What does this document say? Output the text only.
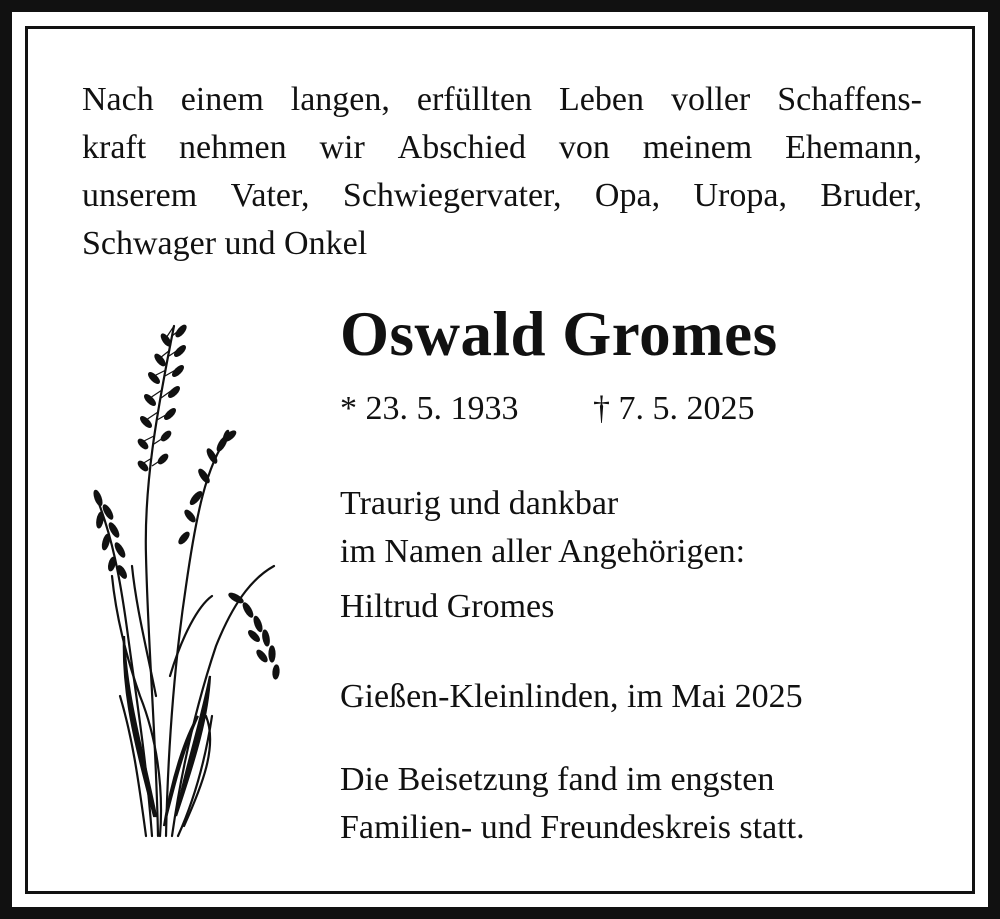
Nach einem langen, erfüllten Leben voller Schaffens-
kraft nehmen wir Abschied von meinem Ehemann,
unserem Vater, Schwiegervater, Opa, Uropa, Bruder,
Schwager und Onkel
Oswald Gromes
* 23. 5. 1933 † 7. 5. 2025
Traurig und dankbar
im Namen aller Angehörigen:
Hiltrud Gromes
Gießen-Kleinlinden, im Mai 2025
Die Beisetzung fand im engsten
Familien- und Freundeskreis statt.
